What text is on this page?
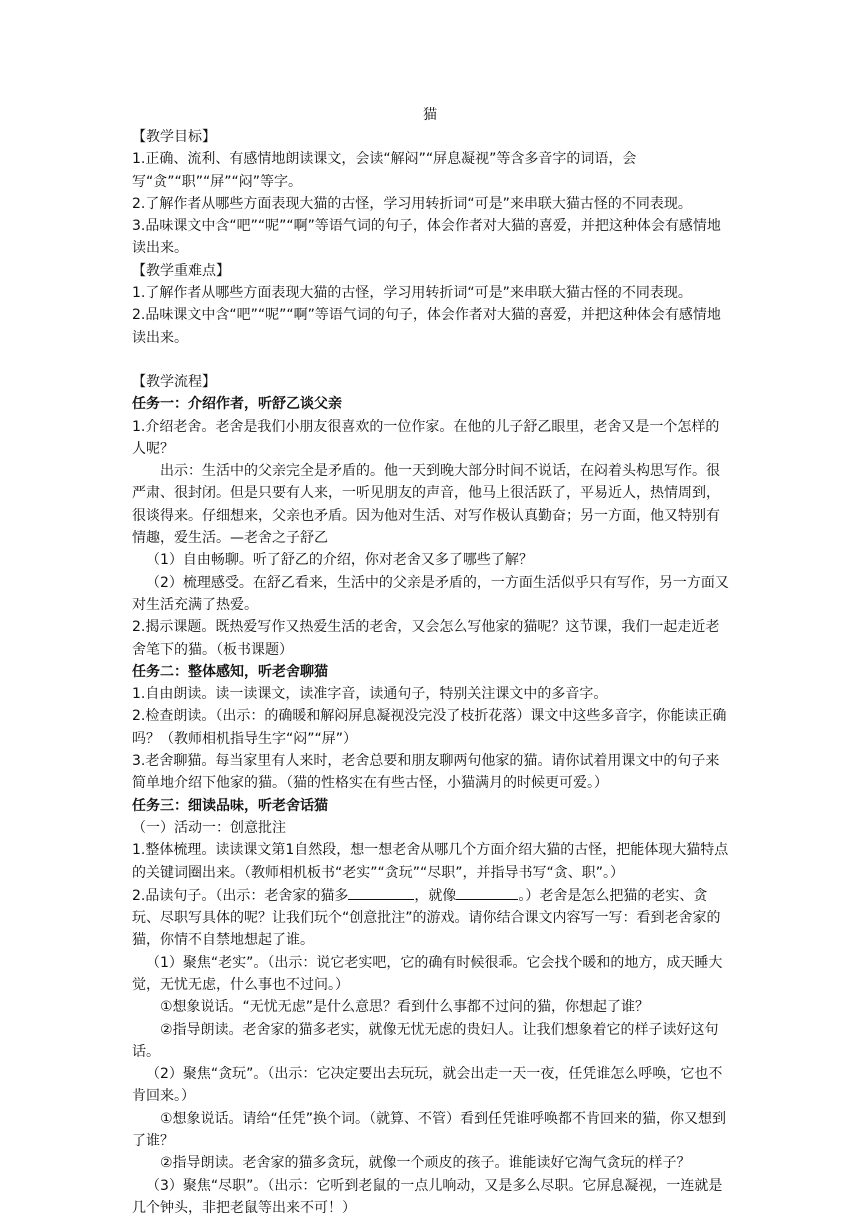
猫

【教学目标】

1.正确、流利、有感情地朗读课文，会读“解闷”“屏息凝视”等含多音字的词语，会写“贪”“职”“屏”“闷”等字。

2.了解作者从哪些方面表现大猫的古怪，学习用转折词“可是”来串联大猫古怪的不同表现。

3.品味课文中含“吧”“呢”“啊”等语气词的句子，体会作者对大猫的喜爱，并把这种体会有感情地读出来。

【教学重难点】

1.了解作者从哪些方面表现大猫的古怪，学习用转折词“可是”来串联大猫古怪的不同表现。

2.品味课文中含“吧”“呢”“啊”等语气词的句子，体会作者对大猫的喜爱，并把这种体会有感情地读出来。

【教学流程】

任务一：介绍作者，听舒乙谈父亲

1.介绍老舍。老舍是我们小朋友很喜欢的一位作家。在他的儿子舒乙眼里，老舍又是一个怎样的人呢？

出示：生活中的父亲完全是矛盾的。他一天到晚大部分时间不说话，在闷着头构思写作。很严肃、很封闭。但是只要有人来，一听见朋友的声音，他马上很活跃了，平易近人，热情周到，很谈得来。仔细想来，父亲也矛盾。因为他对生活、对写作极认真勤奋；另一方面，他又特别有情趣，爱生活。—老舍之子舒乙

（1）自由畅聊。听了舒乙的介绍，你对老舍又多了哪些了解？

（2）梳理感受。在舒乙看来，生活中的父亲是矛盾的，一方面生活似乎只有写作，另一方面又对生活充满了热爱。

2.揭示课题。既热爱写作又热爱生活的老舍，又会怎么写他家的猫呢？这节课，我们一起走近老舍笔下的猫。（板书课题）

任务二：整体感知，听老舍聊猫

1.自由朗读。读一读课文，读准字音，读通句子，特别关注课文中的多音字。

2.检查朗读。（出示：的确暖和解闷屏息凝视没完没了枝折花落）课文中这些多音字，你能读正确吗？（教师相机指导生字“闷”“屏”）

3.老舍聊猫。每当家里有人来时，老舍总要和朋友聊两句他家的猫。请你试着用课文中的句子来简单地介绍下他家的猫。（猫的性格实在有些古怪，小猫满月的时候更可爱。）

任务三：细读品味，听老舍话猫

（一）活动一：创意批注

1.整体梳理。读读课文第1自然段，想一想老舍从哪几个方面介绍大猫的古怪，把能体现大猫特点的关键词圈出来。（教师相机板书“老实”“贪玩”“尽职”，并指导书写“贪、职”。）

2.品读句子。（出示：老舍家的猫多	，就像	。）老舍是怎么把猫的老实、贪玩、尽职写具体的呢？让我们玩个“创意批注”的游戏。请你结合课文内容写一写：看到老舍家的猫，你情不自禁地想起了谁。

（1）聚焦“老实”。（出示：说它老实吧，它的确有时候很乖。它会找个暖和的地方，成天睡大觉，无忧无虑，什么事也不过问。）

①想象说话。“无忧无虑”是什么意思？看到什么事都不过问的猫，你想起了谁？

②指导朗读。老舍家的猫多老实，就像无忧无虑的贵妇人。让我们想象着它的样子读好这句话。

（2）聚焦“贪玩”。（出示：它决定要出去玩玩，就会出走一天一夜，任凭谁怎么呼唤，它也不肯回来。）

①想象说话。请给“任凭”换个词。（就算、不管）看到任凭谁呼唤都不肯回来的猫，你又想到了谁？

②指导朗读。老舍家的猫多贪玩，就像一个顽皮的孩子。谁能读好它淘气贪玩的样子？

（3）聚焦“尽职”。（出示：它听到老鼠的一点儿响动，又是多么尽职。它屏息凝视，一连就是几个钟头，非把老鼠等出来不可！）
